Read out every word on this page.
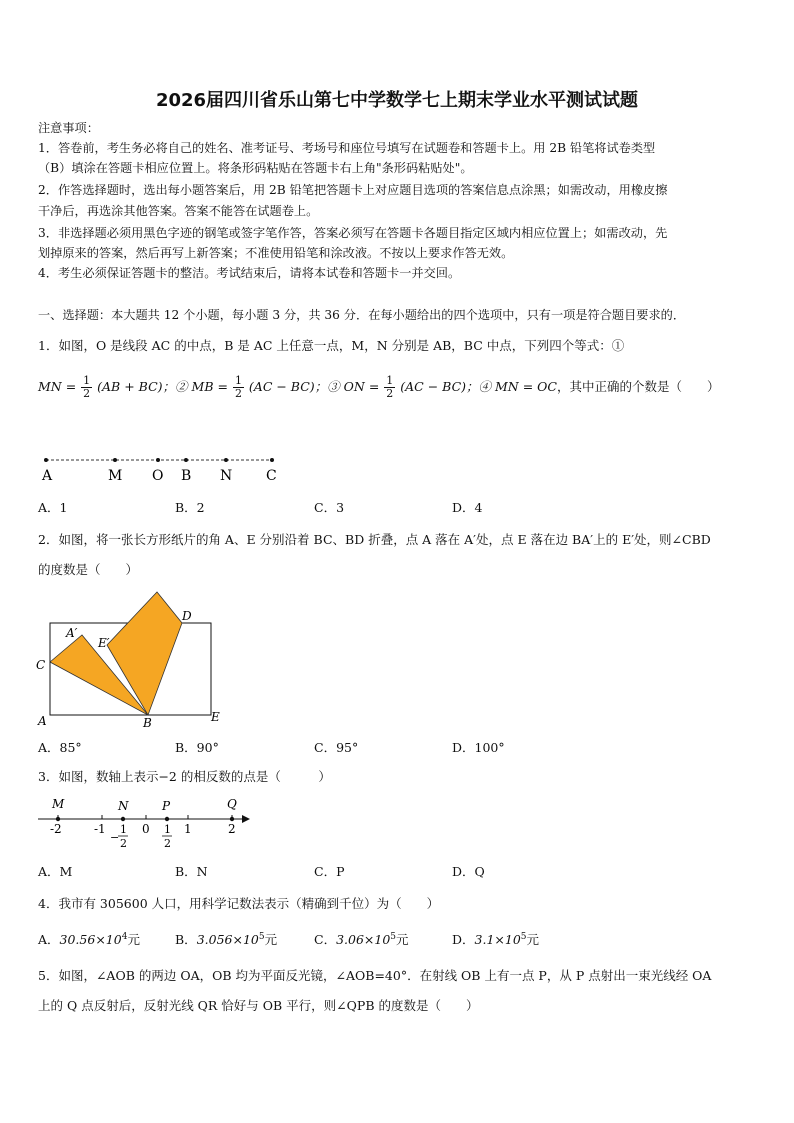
2026届四川省乐山第七中学数学七上期末学业水平测试试题
注意事项：
1．答卷前，考生务必将自己的姓名、准考证号、考场号和座位号填写在试题卷和答题卡上。用 2B 铅笔将试卷类型
（B）填涂在答题卡相应位置上。将条形码粘贴在答题卡右上角"条形码粘贴处"。
2．作答选择题时，选出每小题答案后，用 2B 铅笔把答题卡上对应题目选项的答案信息点涂黑；如需改动，用橡皮擦
干净后，再选涂其他答案。答案不能答在试题卷上。
3．非选择题必须用黑色字迹的钢笔或签字笔作答，答案必须写在答题卡各题目指定区域内相应位置上；如需改动，先
划掉原来的答案，然后再写上新答案；不准使用铅笔和涂改液。不按以上要求作答无效。
4．考生必须保证答题卡的整洁。考试结束后，请将本试卷和答题卡一并交回。
一、选择题：本大题共 12 个小题，每小题 3 分，共 36 分．在每小题给出的四个选项中，只有一项是符合题目要求的．
1．如图，O 是线段 AC 的中点，B 是 AC 上任意一点，M，N 分别是 AB，BC 中点，下列四个等式：①
MN = $\frac{1}{2} (AB + BC)$；② MB = $\frac{1}{2} (AC - BC)$；③ ON = $\frac{1}{2} (AC - BC)$；④ MN = OC，其中正确的个数是（　　）
A	M O B N C
A．1	B．2	C．3	D．4
2．如图，将一张长方形纸片的角 A、E 分别沿着 BC、BD 折叠，点 A 落在 A′处，点 E 落在边 BA′上的 E′处，则∠CBD
的度数是（　　）
A′
E′
D
C
A	B	E
A．85°	B．90°	C．95°	D．100°
3．如图，数轴上表示−2 的相反数的点是（　　　）
M	N	P	Q
-2	-1	0	1	2
−
1
2
1
2
A．M	B．N	C．P	D．Q
4．我市有 305600 人口，用科学记数法表示（精确到千位）为（　　）
A．$30.56\times 10^4$元	B．$3.056\times 10^5$元	C．$3.06\times 10^5$元	D．$3.1\times 10^5$元
5．如图，∠AOB 的两边 OA，OB 均为平面反光镜，∠AOB=40°．在射线 OB 上有一点 P，从 P 点射出一束光线经 OA
上的 Q 点反射后，反射光线 QR 恰好与 OB 平行，则∠QPB 的度数是（　　）
